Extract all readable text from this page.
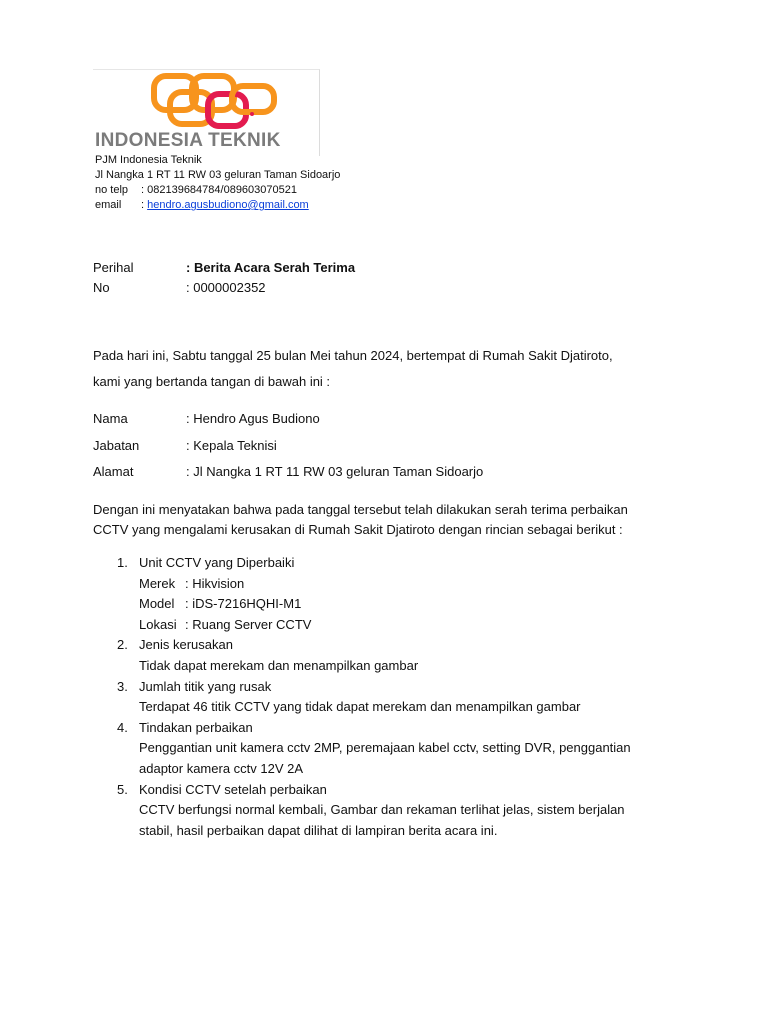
INDONESIA TEKNIK
PJM Indonesia Teknik
Jl Nangka 1 RT 11 RW 03 geluran Taman Sidoarjo
no telp : 082139684784/089603070521
email : hendro.agusbudiono@gmail.com
Perihal	: Berita Acara Serah Terima
No	: 0000002352
Pada hari ini, Sabtu tanggal 25 bulan Mei tahun 2024, bertempat di Rumah Sakit Djatiroto,
kami yang bertanda tangan di bawah ini :
Nama	: Hendro Agus Budiono
Jabatan	: Kepala Teknisi
Alamat	: Jl Nangka 1 RT 11 RW 03 geluran Taman Sidoarjo
Dengan ini menyatakan bahwa pada tanggal tersebut telah dilakukan serah terima perbaikan
CCTV yang mengalami kerusakan di Rumah Sakit Djatiroto dengan rincian sebagai berikut :
1. Unit CCTV yang Diperbaiki
Merek : Hikvision
Model : iDS-7216HQHI-M1
Lokasi : Ruang Server CCTV
2. Jenis kerusakan
Tidak dapat merekam dan menampilkan gambar
3. Jumlah titik yang rusak
Terdapat 46 titik CCTV yang tidak dapat merekam dan menampilkan gambar
4. Tindakan perbaikan
Penggantian unit kamera cctv 2MP, peremajaan kabel cctv, setting DVR, penggantian
adaptor kamera cctv 12V 2A
5. Kondisi CCTV setelah perbaikan
CCTV berfungsi normal kembali, Gambar dan rekaman terlihat jelas, sistem berjalan
stabil, hasil perbaikan dapat dilihat di lampiran berita acara ini.
